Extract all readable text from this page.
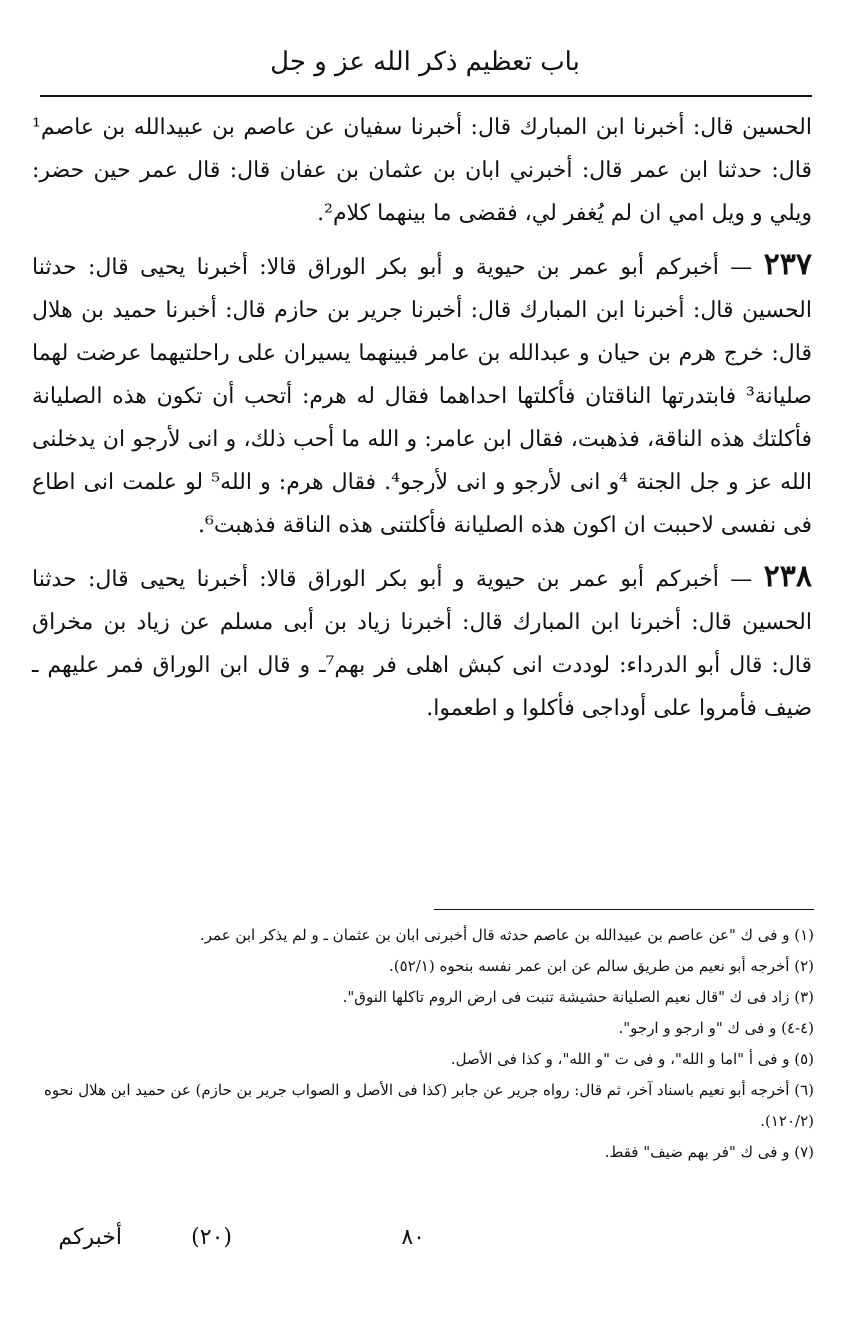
باب تعظيم ذكر الله عز و جل

الحسين قال: أخبرنا ابن المبارك قال: أخبرنا سفيان عن عاصم بن عبيدالله بن عاصم¹ قال: حدثنا ابن عمر قال: أخبرني ابان بن عثمان بن عفان قال: قال عمر حين حضر: ويلي و ويل امي ان لم يُغفر لي، فقضى ما بينهما كلام².

٢٣٧ — أخبركم أبو عمر بن حيوية و أبو بكر الوراق قالا: أخبرنا يحيى قال: حدثنا الحسين قال: أخبرنا ابن المبارك قال: أخبرنا جرير بن حازم قال: أخبرنا حميد بن هلال قال: خرج هرم بن حيان و عبدالله بن عامر فبينهما يسيران على راحلتيهما عرضت لهما صليانة³ فابتدرتها الناقتان فأكلتها احداهما فقال له هرم: أتحب أن تكون هذه الصليانة فأكلتك هذه الناقة، فذهبت، فقال ابن عامر: و الله ما أحب ذلك، و انى لأرجو ان يدخلنى الله عز و جل الجنة ⁴و انى لأرجو و انى لأرجو⁴. فقال هرم: و الله⁵ لو علمت انى اطاع فى نفسى لاحببت ان اكون هذه الصليانة فأكلتنى هذه الناقة فذهبت⁶.

٢٣٨ — أخبركم أبو عمر بن حيوية و أبو بكر الوراق قالا: أخبرنا يحيى قال: حدثنا الحسين قال: أخبرنا ابن المبارك قال: أخبرنا زياد بن أبى مسلم عن زياد بن مخراق قال: قال أبو الدرداء: لوددت انى كبش اهلى فر بهم⁷ـ و قال ابن الوراق فمر عليهم ـ ضيف فأمروا على أوداجى فأكلوا و اطعموا.

(١) و فى ك "عن عاصم بن عبيدالله بن عاصم حدثه قال أخبرنى ابان بن عثمان ـ و لم يذكر ابن عمر.

(٢) أخرجه أبو نعيم من طريق سالم عن ابن عمر نفسه بنحوه (٥٢/١).

(٣) زاد فى ك "قال نعيم الصليانة حشيشة تنبت فى ارض الروم تاكلها النوق".

(٤-٤) و فى ك "و ارجو و ارجو".

(٥) و فى أ "اما و الله"، و فى ت "و الله"، و كذا فى الأصل.

(٦) أخرجه أبو نعيم باسناد آخر، ثم قال: رواه جرير عن جابر (كذا فى الأصل و الصواب جرير بن حازم) عن حميد ابن هلال نحوه (١٢٠/٢).

(٧) و فى ك "فر بهم ضيف" فقط.

٨٠
(٢٠)
أخبركم
